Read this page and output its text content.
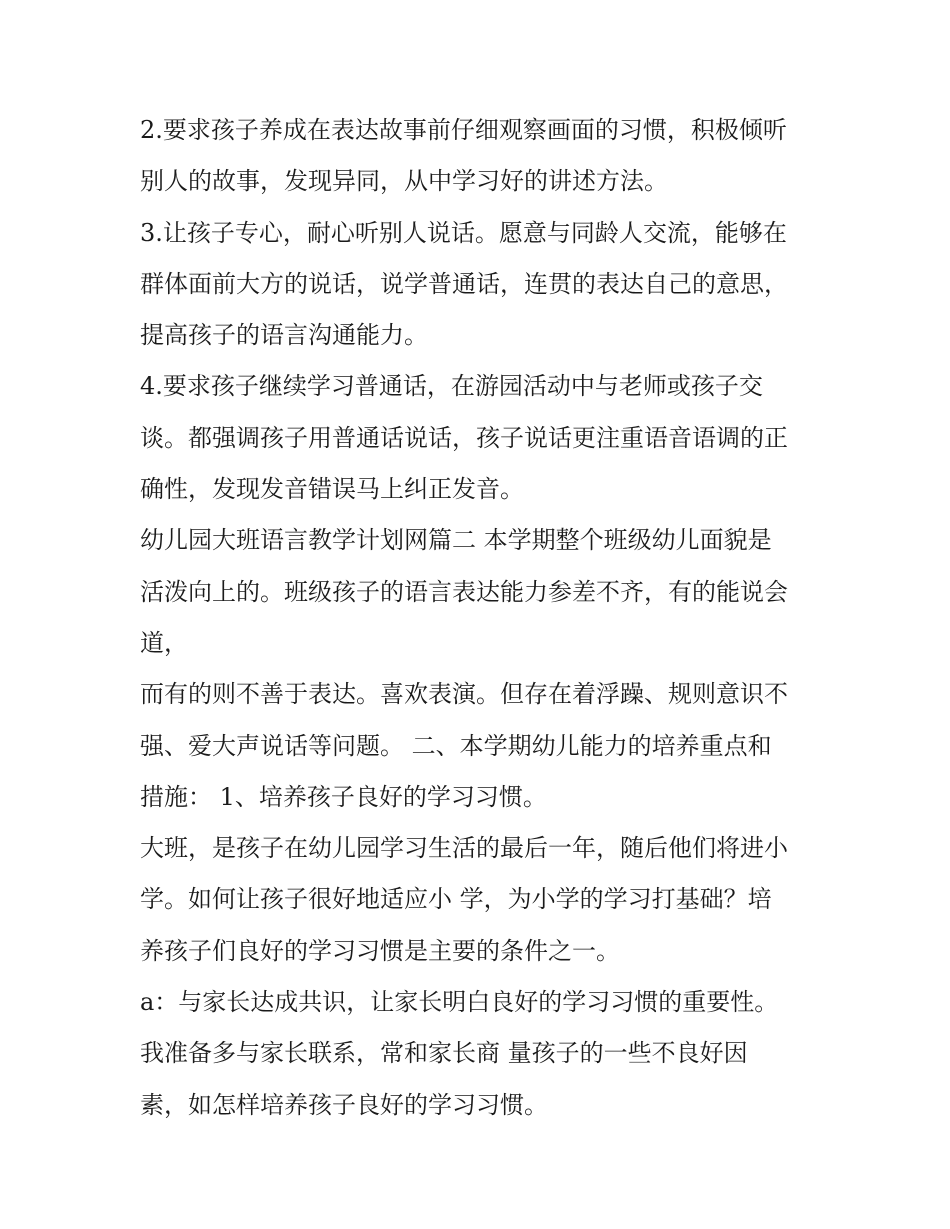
2.要求孩子养成在表达故事前仔细观察画面的习惯，积极倾听
别人的故事，发现异同，从中学习好的讲述方法。
3.让孩子专心，耐心听别人说话。愿意与同龄人交流，能够在
群体面前大方的说话，说学普通话，连贯的表达自己的意思，
提高孩子的语言沟通能力。
4.要求孩子继续学习普通话，在游园活动中与老师或孩子交
谈。都强调孩子用普通话说话，孩子说话更注重语音语调的正
确性，发现发音错误马上纠正发音。
幼儿园大班语言教学计划网篇二 本学期整个班级幼儿面貌是
活泼向上的。班级孩子的语言表达能力参差不齐，有的能说会
道，
而有的则不善于表达。喜欢表演。但存在着浮躁、规则意识不
强、爱大声说话等问题。 二、本学期幼儿能力的培养重点和
措施： 1、培养孩子良好的学习习惯。
大班，是孩子在幼儿园学习生活的最后一年，随后他们将进小
学。如何让孩子很好地适应小 学，为小学的学习打基础？培
养孩子们良好的学习习惯是主要的条件之一。
a：与家长达成共识，让家长明白良好的学习习惯的重要性。
我准备多与家长联系，常和家长商 量孩子的一些不良好因
素，如怎样培养孩子良好的学习习惯。
